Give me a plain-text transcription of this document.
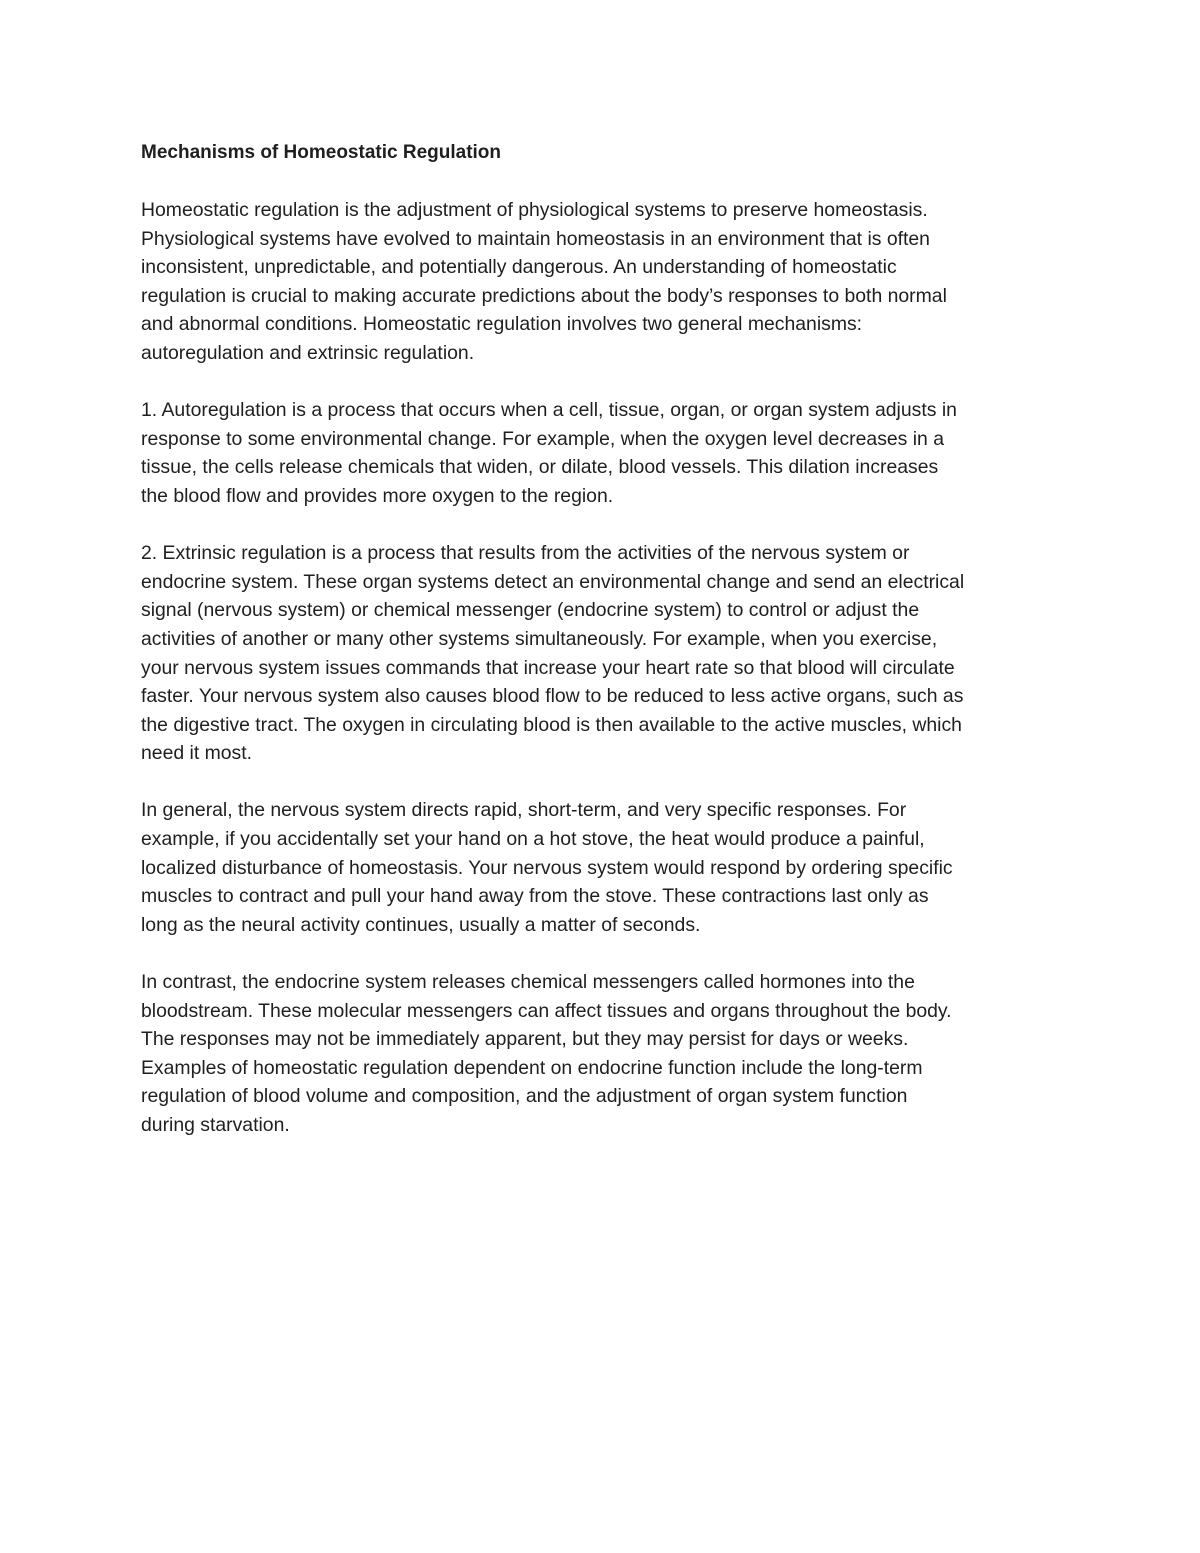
Mechanisms of Homeostatic Regulation
Homeostatic regulation is the adjustment of physiological systems to preserve homeostasis.
Physiological systems have evolved to maintain homeostasis in an environment that is often
inconsistent, unpredictable, and potentially dangerous. An understanding of homeostatic
regulation is crucial to making accurate predictions about the body’s responses to both normal
and abnormal conditions. Homeostatic regulation involves two general mechanisms:
autoregulation and extrinsic regulation.
1. Autoregulation is a process that occurs when a cell, tissue, organ, or organ system adjusts in
response to some environmental change. For example, when the oxygen level decreases in a
tissue, the cells release chemicals that widen, or dilate, blood vessels. This dilation increases
the blood flow and provides more oxygen to the region.
2. Extrinsic regulation is a process that results from the activities of the nervous system or
endocrine system. These organ systems detect an environmental change and send an electrical
signal (nervous system) or chemical messenger (endocrine system) to control or adjust the
activities of another or many other systems simultaneously. For example, when you exercise,
your nervous system issues commands that increase your heart rate so that blood will circulate
faster. Your nervous system also causes blood flow to be reduced to less active organs, such as
the digestive tract. The oxygen in circulating blood is then available to the active muscles, which
need it most.
In general, the nervous system directs rapid, short-term, and very specific responses. For
example, if you accidentally set your hand on a hot stove, the heat would produce a painful,
localized disturbance of homeostasis. Your nervous system would respond by ordering specific
muscles to contract and pull your hand away from the stove. These contractions last only as
long as the neural activity continues, usually a matter of seconds.
In contrast, the endocrine system releases chemical messengers called hormones into the
bloodstream. These molecular messengers can affect tissues and organs throughout the body.
The responses may not be immediately apparent, but they may persist for days or weeks.
Examples of homeostatic regulation dependent on endocrine function include the long-term
regulation of blood volume and composition, and the adjustment of organ system function
during starvation.
